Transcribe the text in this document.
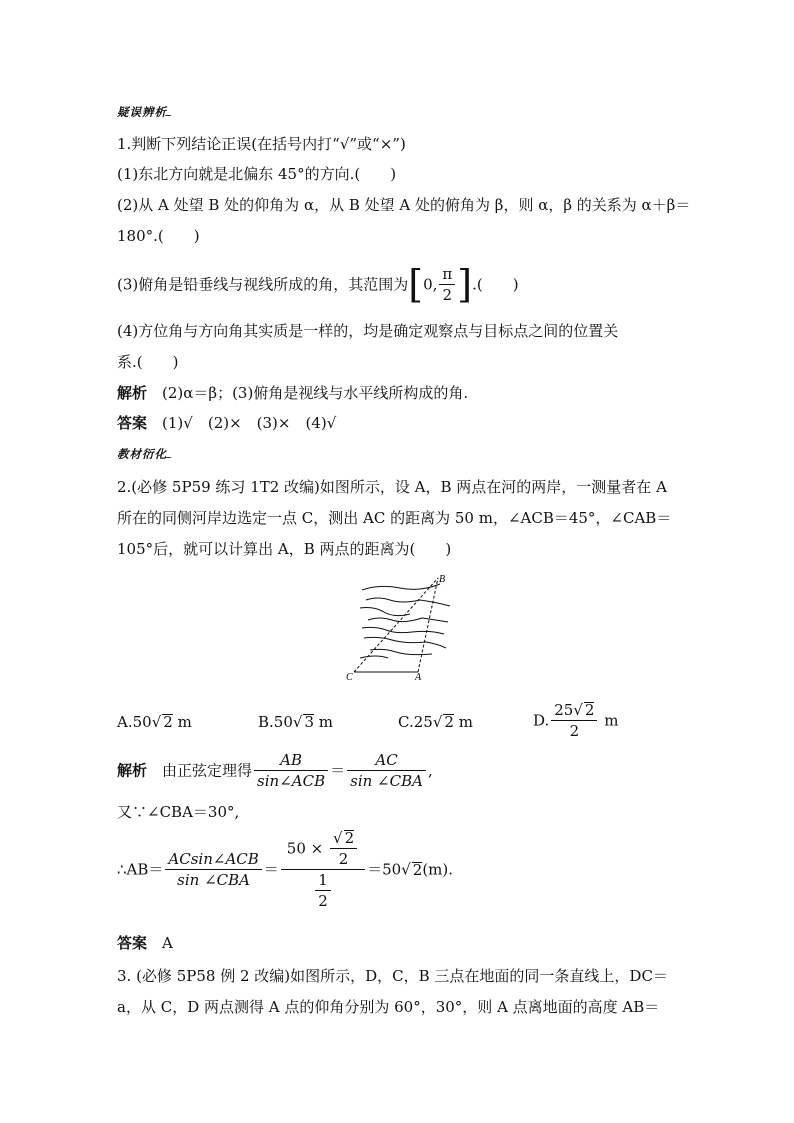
疑误辨析
1.判断下列结论正误(在括号内打“√”或“×”)
(1)东北方向就是北偏东 45°的方向.(　　)
(2)从 A 处望 B 处的仰角为 α，从 B 处望 A 处的俯角为 β，则 α，β 的关系为 α＋β＝
180°.(　　)
(3)俯角是铅垂线与视线所成的角，其范围为[0, $\frac{\pi}{2}$ ].(　　)
(4)方位角与方向角其实质是一样的，均是确定观察点与目标点之间的位置关
系.(　　)
解析　 (2)α＝β；(3)俯角是视线与水平线所构成的角.
答案　 (1)√　(2)×　(3)×　(4)√
教材衍化
2.(必修 5P59 练习 1T2 改编)如图所示，设 A，B 两点在河的两岸，一测量者在 A
所在的同侧河岸边选定一点 C，测出 AC 的距离为 50 m，∠ACB＝45°，∠CAB＝
105°后，就可以计算出 A，B 两点的距离为(　　)
B
C	A
A.50√ 2 m	B.50√ 3 m	C.25√ 2 m	D. $\frac{25√ 2}{2}$ m
解析　 由正弦定理得 $\frac{AB}{\text{sin∠ACB}} = \frac{AC}{\text{sin ∠CBA}}$ ,
又∵∠CBA＝30°,
∴AB＝ $\frac{\text{ACsin∠ACB}}{\text{sin ∠CBA}} = \frac{50 \times \frac{√ 2}{2}}{\frac{1}{2}} =50√$ 2(m).
答案　 A
3. (必修 5P58 例 2 改编)如图所示，D，C，B 三点在地面的同一条直线上，DC＝
a，从 C，D 两点测得 A 点的仰角分别为 60°，30°，则 A 点离地面的高度 AB＝
